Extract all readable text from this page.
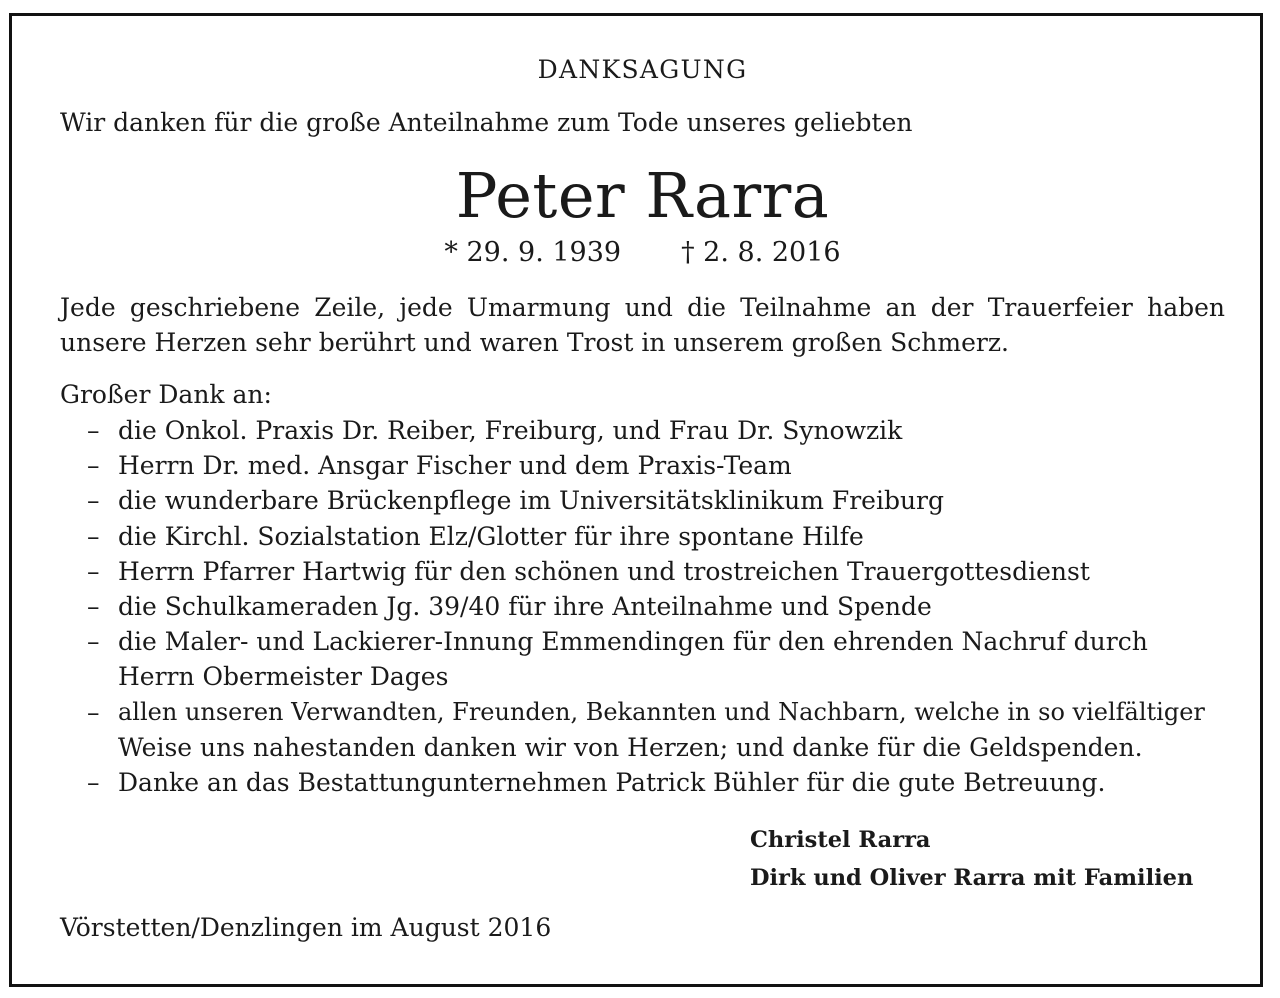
DANKSAGUNG
Wir danken für die große Anteilnahme zum Tode unseres geliebten
Peter Rarra
* 29. 9. 1939 † 2. 8. 2016
Jede geschriebene Zeile, jede Umarmung und die Teilnahme an der Trauerfeier haben unsere Herzen sehr berührt und waren Trost in unserem großen Schmerz.
Großer Dank an:
– die Onkol. Praxis Dr. Reiber, Freiburg, und Frau Dr. Synowzik
– Herrn Dr. med. Ansgar Fischer und dem Praxis-Team
– die wunderbare Brückenpflege im Universitätsklinikum Freiburg
– die Kirchl. Sozialstation Elz/Glotter für ihre spontane Hilfe
– Herrn Pfarrer Hartwig für den schönen und trostreichen Trauergottesdienst
– die Schulkameraden Jg. 39/40 für ihre Anteilnahme und Spende
– die Maler- und Lackierer-Innung Emmendingen für den ehrenden Nachruf durch
Herrn Obermeister Dages
– allen unseren Verwandten, Freunden, Bekannten und Nachbarn, welche in so vielfältiger
Weise uns nahestanden danken wir von Herzen; und danke für die Geldspenden.
– Danke an das Bestattungunternehmen Patrick Bühler für die gute Betreuung.
Christel Rarra
Dirk und Oliver Rarra mit Familien
Vörstetten/Denzlingen im August 2016
